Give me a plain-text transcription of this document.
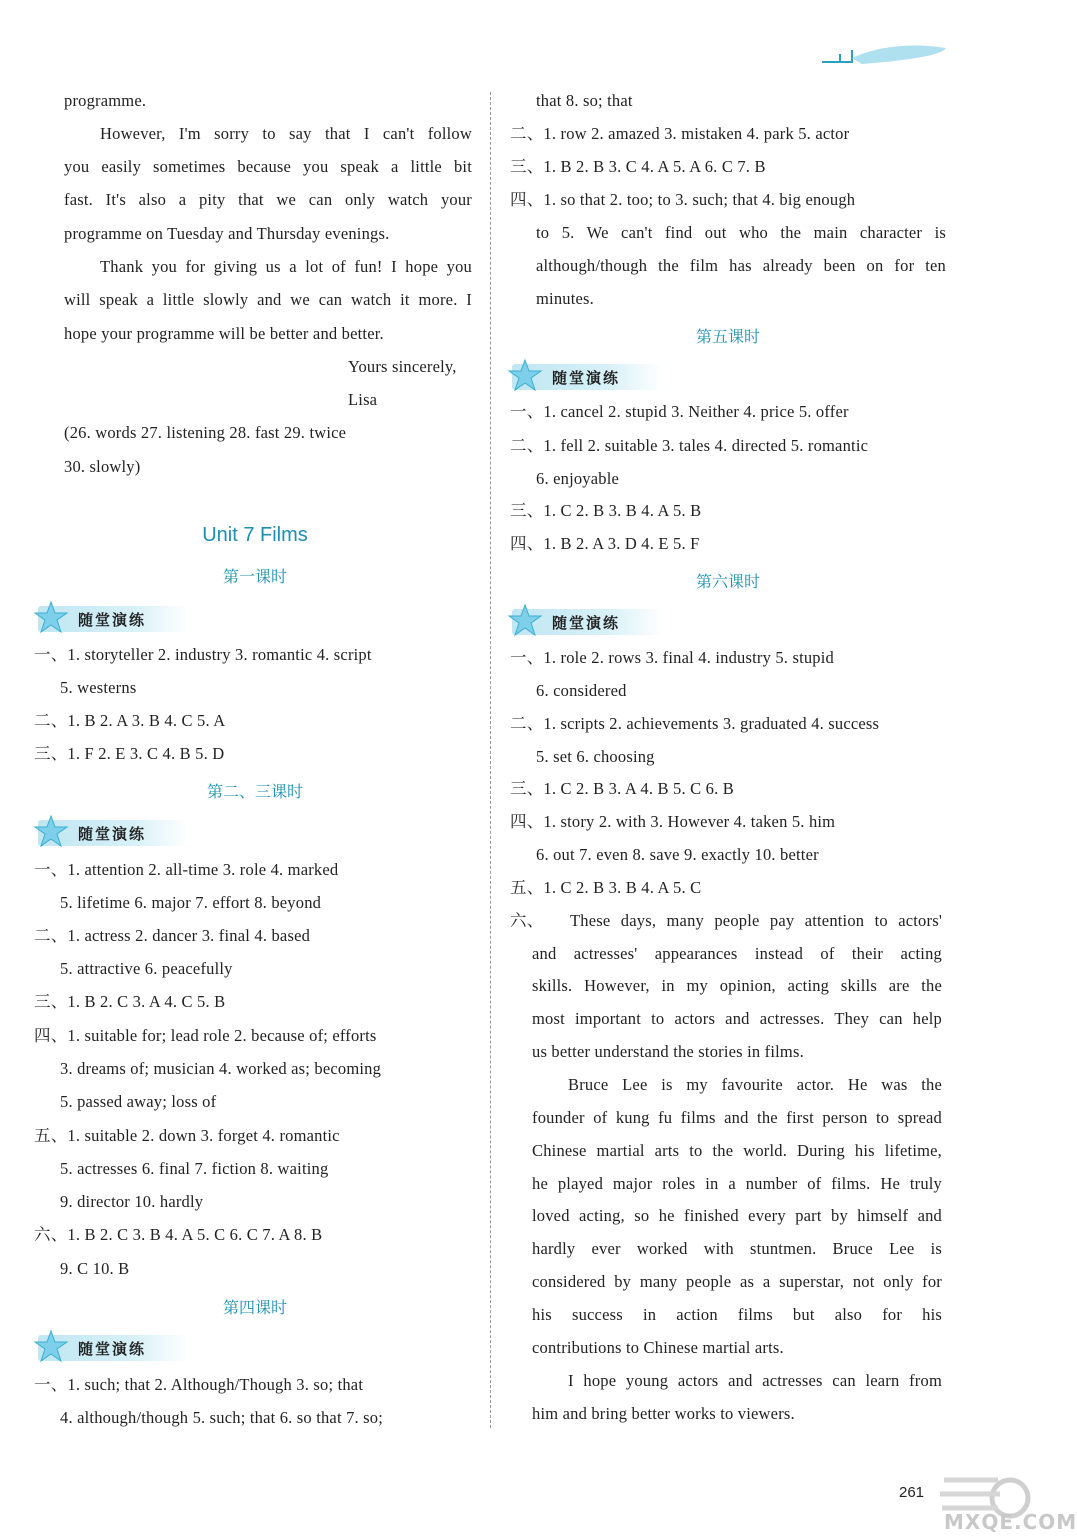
programme.
However, I'm sorry to say that I can't follow
you easily sometimes because you speak a little bit
fast. It's also a pity that we can only watch your
programme on Tuesday and Thursday evenings.
Thank you for giving us a lot of fun! I hope you
will speak a little slowly and we can watch it more. I
hope your programme will be better and better.
Yours sincerely,
Lisa
(26. words 27. listening 28. fast 29. twice
30. slowly)
Unit 7 Films
第一课时
随堂演练
一、1. storyteller 2. industry 3. romantic 4. script
5. westerns
二、1. B 2. A 3. B 4. C 5. A
三、1. F 2. E 3. C 4. B 5. D
第二、三课时
随堂演练
一、1. attention 2. all-time 3. role 4. marked
5. lifetime 6. major 7. effort 8. beyond
二、1. actress 2. dancer 3. final 4. based
5. attractive 6. peacefully
三、1. B 2. C 3. A 4. C 5. B
四、1. suitable for; lead role 2. because of; efforts
3. dreams of; musician 4. worked as; becoming
5. passed away; loss of
五、1. suitable 2. down 3. forget 4. romantic
5. actresses 6. final 7. fiction 8. waiting
9. director 10. hardly
六、1. B 2. C 3. B 4. A 5. C 6. C 7. A 8. B
9. C 10. B
第四课时
随堂演练
一、1. such; that 2. Although/Though 3. so; that
4. although/though 5. such; that 6. so that 7. so;
that 8. so; that
二、1. row 2. amazed 3. mistaken 4. park 5. actor
三、1. B 2. B 3. C 4. A 5. A 6. C 7. B
四、1. so that 2. too; to 3. such; that 4. big enough
to 5. We can't find out who the main character is
although/though the film has already been on for ten
minutes.
第五课时
随堂演练
一、1. cancel 2. stupid 3. Neither 4. price 5. offer
二、1. fell 2. suitable 3. tales 4. directed 5. romantic
6. enjoyable
三、1. C 2. B 3. B 4. A 5. B
四、1. B 2. A 3. D 4. E 5. F
第六课时
随堂演练
一、1. role 2. rows 3. final 4. industry 5. stupid
6. considered
二、1. scripts 2. achievements 3. graduated 4. success
5. set 6. choosing
三、1. C 2. B 3. A 4. B 5. C 6. B
四、1. story 2. with 3. However 4. taken 5. him
6. out 7. even 8. save 9. exactly 10. better
五、1. C 2. B 3. B 4. A 5. C
六、 These days, many people pay attention to actors'
and actresses' appearances instead of their acting
skills. However, in my opinion, acting skills are the
most important to actors and actresses. They can help
us better understand the stories in films.
Bruce Lee is my favourite actor. He was the
founder of kung fu films and the first person to spread
Chinese martial arts to the world. During his lifetime,
he played major roles in a number of films. He truly
loved acting, so he finished every part by himself and
hardly ever worked with stuntmen. Bruce Lee is
considered by many people as a superstar, not only for
his success in action films but also for his
contributions to Chinese martial arts.
I hope young actors and actresses can learn from
him and bring better works to viewers.
MXQE.COM
261
